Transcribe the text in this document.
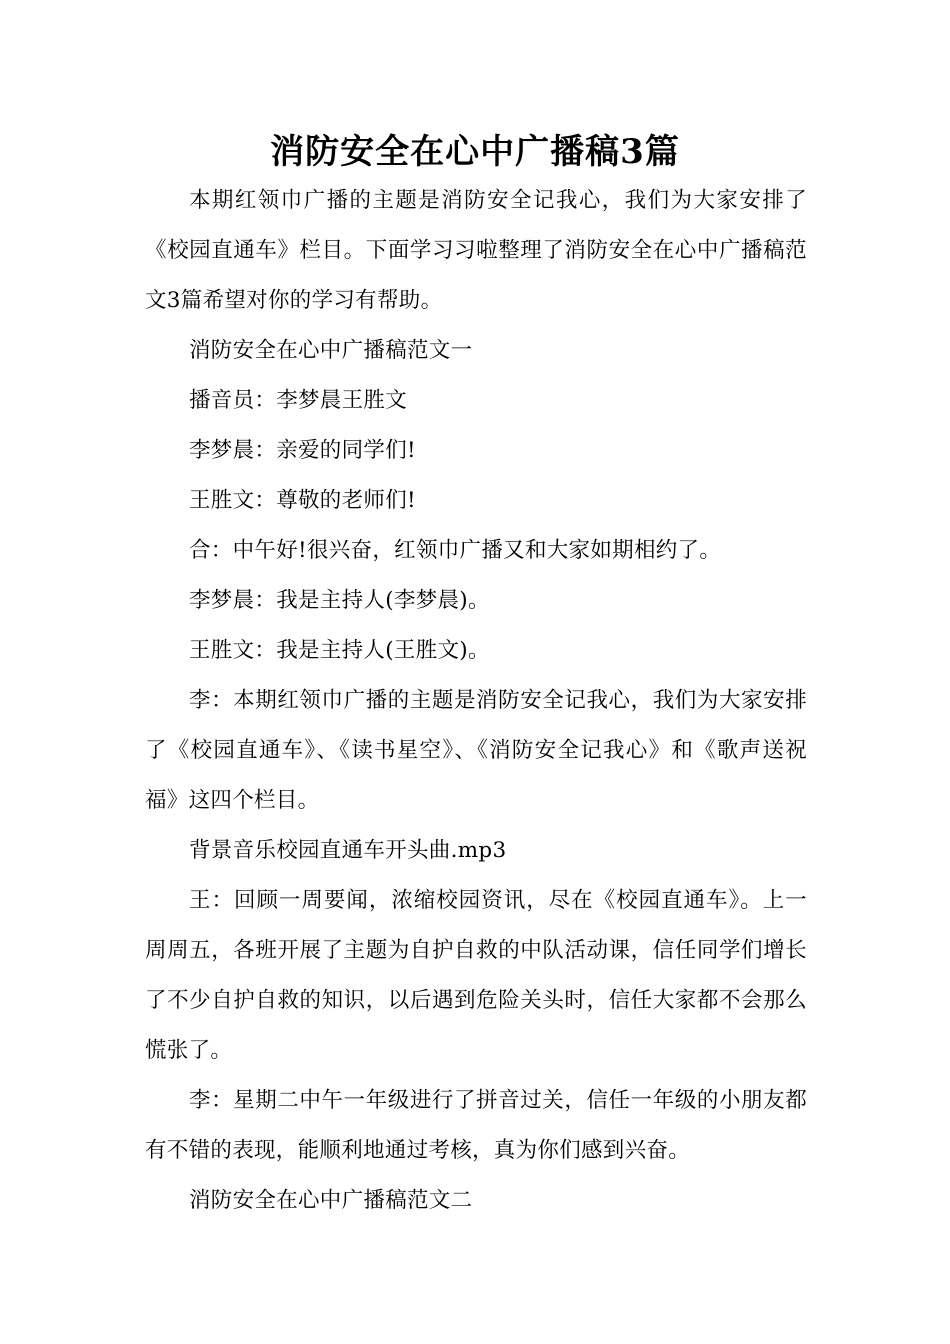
消防安全在心中广播稿3篇

本期红领巾广播的主题是消防安全记我心，我们为大家安排了《校园直通车》栏目。下面学习习啦整理了消防安全在心中广播稿范文3篇希望对你的学习有帮助。

消防安全在心中广播稿范文一

播音员：李梦晨王胜文

李梦晨：亲爱的同学们!

王胜文：尊敬的老师们!

合：中午好!很兴奋，红领巾广播又和大家如期相约了。

李梦晨：我是主持人(李梦晨)。

王胜文：我是主持人(王胜文)。

李：本期红领巾广播的主题是消防安全记我心，我们为大家安排了《校园直通车》、《读书星空》、《消防安全记我心》和《歌声送祝福》这四个栏目。

背景音乐校园直通车开头曲.mp3

王：回顾一周要闻，浓缩校园资讯，尽在《校园直通车》。上一周周五，各班开展了主题为自护自救的中队活动课，信任同学们增长了不少自护自救的知识，以后遇到危险关头时，信任大家都不会那么慌张了。

李：星期二中午一年级进行了拼音过关，信任一年级的小朋友都有不错的表现，能顺利地通过考核，真为你们感到兴奋。

消防安全在心中广播稿范文二
